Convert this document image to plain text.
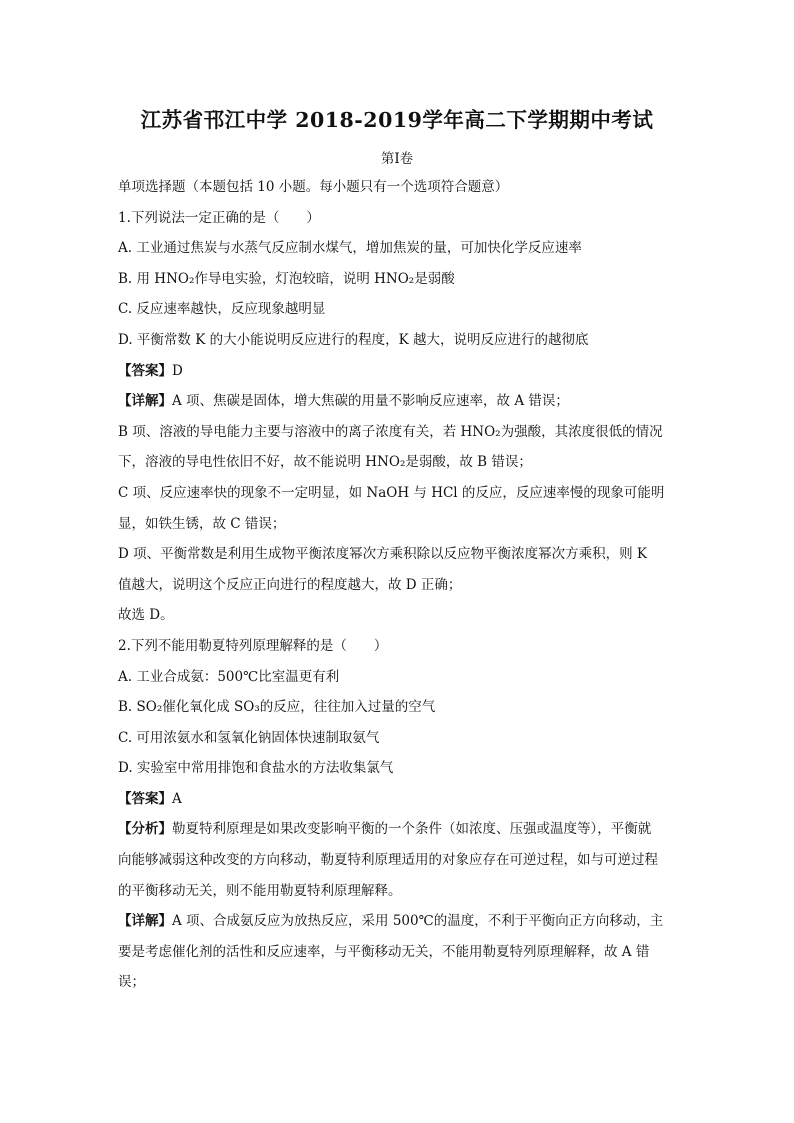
江苏省邗江中学 2018-2019学年高二下学期期中考试
第Ⅰ卷
单项选择题（本题包括 10 小题。每小题只有一个选项符合题意）
1.下列说法一定正确的是（　　）
A. 工业通过焦炭与水蒸气反应制水煤气，增加焦炭的量，可加快化学反应速率
B. 用 HNO₂作导电实验，灯泡较暗，说明 HNO₂是弱酸
C. 反应速率越快，反应现象越明显
D. 平衡常数 K 的大小能说明反应进行的程度，K 越大，说明反应进行的越彻底
【答案】D
【详解】A 项、焦碳是固体，增大焦碳的用量不影响反应速率，故 A 错误；
B 项、溶液的导电能力主要与溶液中的离子浓度有关，若 HNO₂为强酸，其浓度很低的情况
下，溶液的导电性依旧不好，故不能说明 HNO₂是弱酸，故 B 错误；
C 项、反应速率快的现象不一定明显，如 NaOH 与 HCl 的反应，反应速率慢的现象可能明
显，如铁生锈，故 C 错误；
D 项、平衡常数是利用生成物平衡浓度幂次方乘积除以反应物平衡浓度幂次方乘积，则 K
值越大，说明这个反应正向进行的程度越大，故 D 正确；
故选 D。
2.下列不能用勒夏特列原理解释的是（　　）
A. 工业合成氨：500℃比室温更有利
B. SO₂催化氧化成 SO₃的反应，往往加入过量的空气
C. 可用浓氨水和氢氧化钠固体快速制取氨气
D. 实验室中常用排饱和食盐水的方法收集氯气
【答案】A
【分析】勒夏特利原理是如果改变影响平衡的一个条件（如浓度、压强或温度等），平衡就
向能够减弱这种改变的方向移动，勒夏特利原理适用的对象应存在可逆过程，如与可逆过程
的平衡移动无关，则不能用勒夏特利原理解释。
【详解】A 项、合成氨反应为放热反应，采用 500℃的温度，不利于平衡向正方向移动，主
要是考虑催化剂的活性和反应速率，与平衡移动无关，不能用勒夏特列原理解释，故 A 错
误；
